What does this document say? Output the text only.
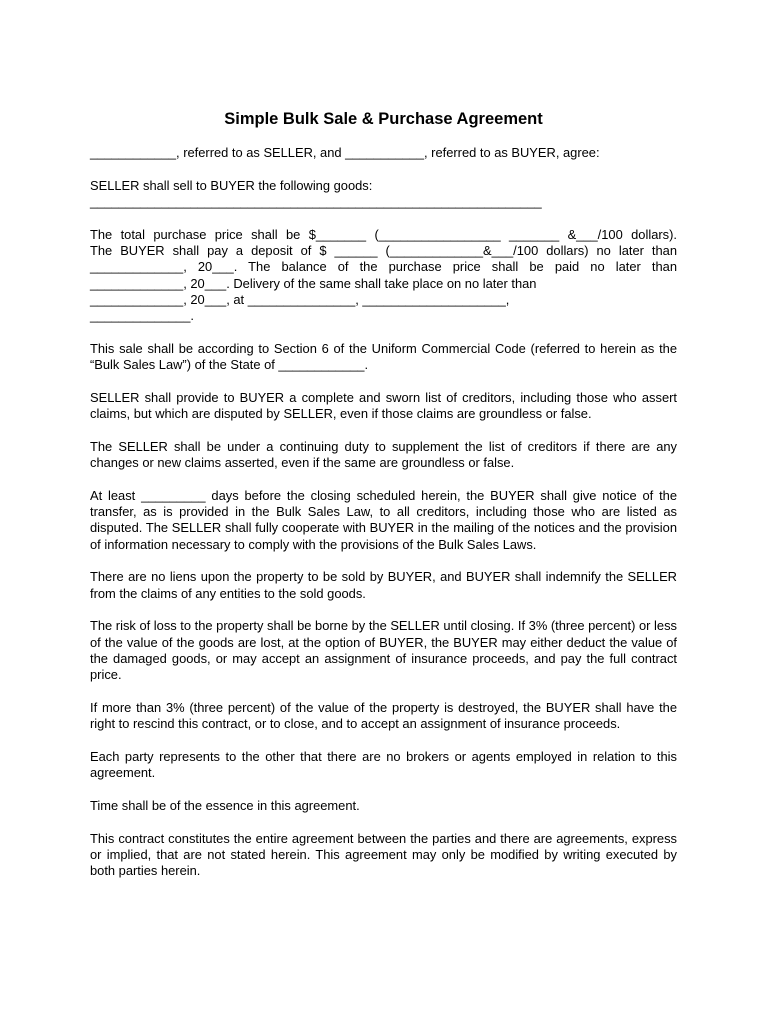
Simple Bulk Sale & Purchase Agreement

____________, referred to as SELLER, and ___________, referred to as BUYER, agree:

SELLER shall sell to BUYER the following goods:
_______________________________________________________________

The total purchase price shall be $_______ (_________________ _______ &___/100 dollars).
The BUYER shall pay a deposit of $ ______ (_____________&___/100 dollars) no later than
_____________, 20___. The balance of the purchase price shall be paid no later than
_____________, 20___. Delivery of the same shall take place on no later than
_____________, 20___, at _______________, ____________________,
______________.

This sale shall be according to Section 6 of the Uniform Commercial Code (referred to herein as the “Bulk Sales Law”) of the State of ____________.

SELLER shall provide to BUYER a complete and sworn list of creditors, including those who assert claims, but which are disputed by SELLER, even if those claims are groundless or false.

The SELLER shall be under a continuing duty to supplement the list of creditors if there are any changes or new claims asserted, even if the same are groundless or false.

At least _________ days before the closing scheduled herein, the BUYER shall give notice of the transfer, as is provided in the Bulk Sales Law, to all creditors, including those who are listed as disputed. The SELLER shall fully cooperate with BUYER in the mailing of the notices and the provision of information necessary to comply with the provisions of the Bulk Sales Laws.

There are no liens upon the property to be sold by BUYER, and BUYER shall indemnify the SELLER from the claims of any entities to the sold goods.

The risk of loss to the property shall be borne by the SELLER until closing. If 3% (three percent) or less of the value of the goods are lost, at the option of BUYER, the BUYER may either deduct the value of the damaged goods, or may accept an assignment of insurance proceeds, and pay the full contract price.

If more than 3% (three percent) of the value of the property is destroyed, the BUYER shall have the right to rescind this contract, or to close, and to accept an assignment of insurance proceeds.

Each party represents to the other that there are no brokers or agents employed in relation to this agreement.

Time shall be of the essence in this agreement.

This contract constitutes the entire agreement between the parties and there are agreements, express or implied, that are not stated herein. This agreement may only be modified by writing executed by both parties herein.
